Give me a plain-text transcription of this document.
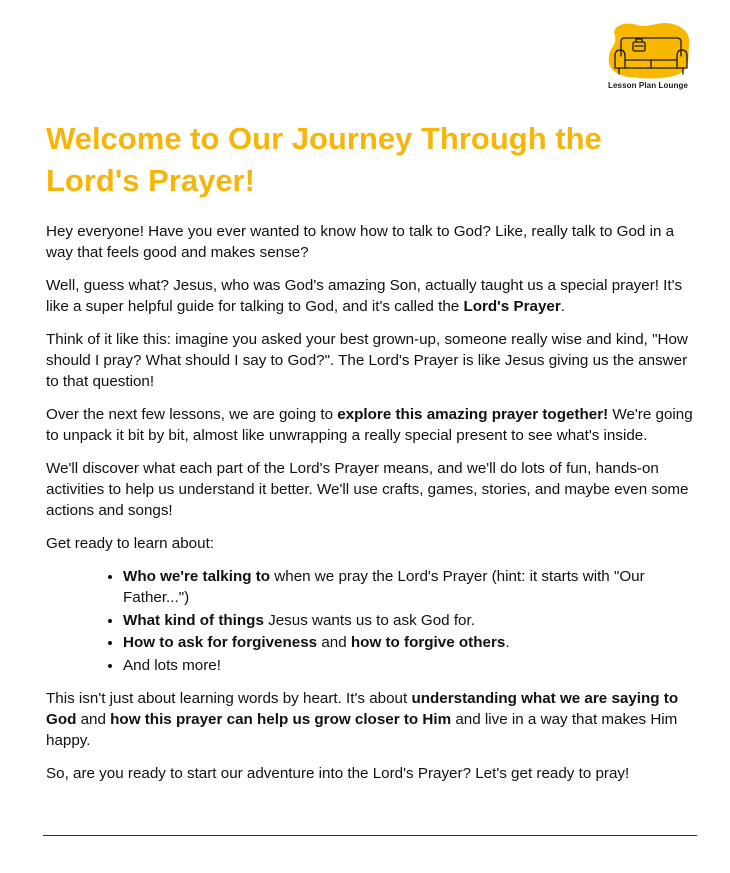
Lesson Plan Lounge
Welcome to Our Journey Through the Lord's Prayer!

Hey everyone! Have you ever wanted to know how to talk to God? Like, really talk to God in a way that feels good and makes sense?

Well, guess what? Jesus, who was God's amazing Son, actually taught us a special prayer! It's like a super helpful guide for talking to God, and it's called the Lord's Prayer.

Think of it like this: imagine you asked your best grown-up, someone really wise and kind, "How should I pray? What should I say to God?". The Lord's Prayer is like Jesus giving us the answer to that question!

Over the next few lessons, we are going to explore this amazing prayer together! We're going to unpack it bit by bit, almost like unwrapping a really special present to see what's inside.

We'll discover what each part of the Lord's Prayer means, and we'll do lots of fun, hands-on activities to help us understand it better. We'll use crafts, games, stories, and maybe even some actions and songs!

Get ready to learn about:

• Who we're talking to when we pray the Lord's Prayer (hint: it starts with "Our Father...")
• What kind of things Jesus wants us to ask God for.
• How to ask for forgiveness and how to forgive others.
• And lots more!

This isn't just about learning words by heart. It's about understanding what we are saying to God and how this prayer can help us grow closer to Him and live in a way that makes Him happy.

So, are you ready to start our adventure into the Lord's Prayer? Let's get ready to pray!
